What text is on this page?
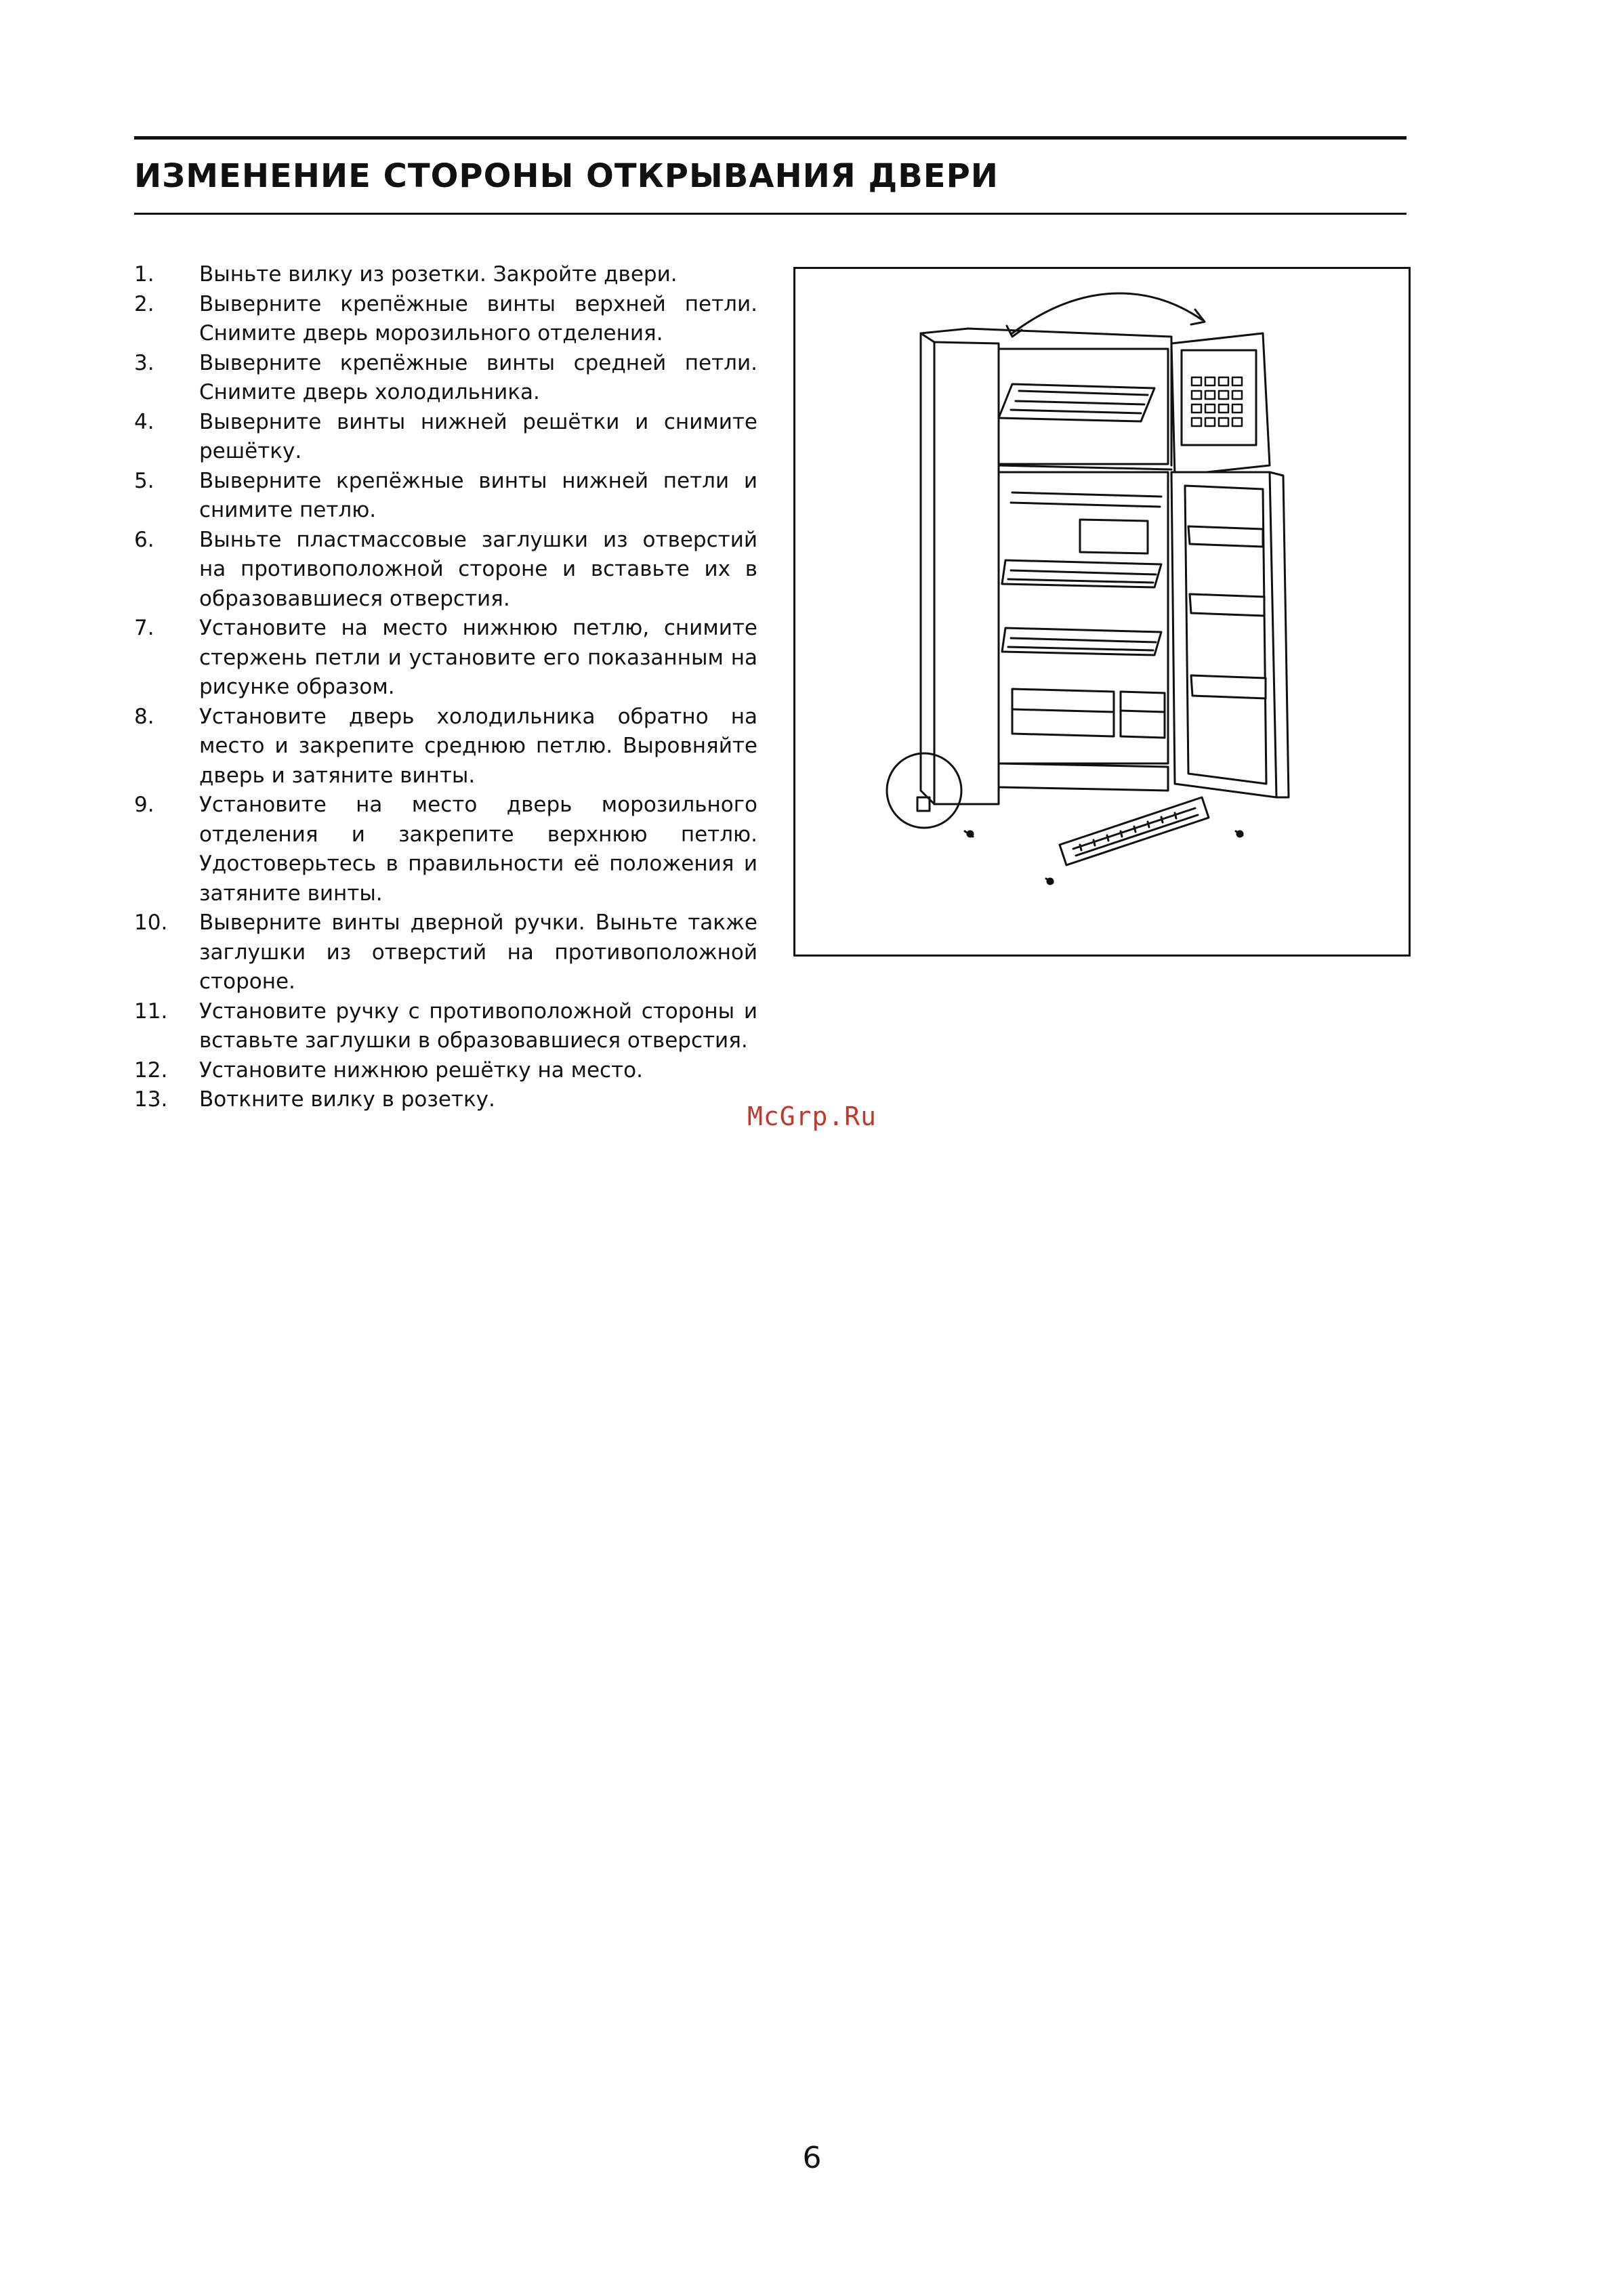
ИЗМЕНЕНИЕ СТОРОНЫ ОТКРЫВАНИЯ ДВЕРИ
1.	Выньте вилку из розетки. Закройте двери.
2.	Выверните крепёжные винты верхней петли. Снимите дверь морозильного отделения.
3.	Выверните крепёжные винты средней петли. Снимите дверь холодильника.
4.	Выверните винты нижней решётки и снимите решётку.
5.	Выверните крепёжные винты нижней петли и снимите петлю.
6.	Выньте пластмассовые заглушки из отверстий на противоположной стороне и вставьте их в образовавшиеся отверстия.
7.	Установите на место нижнюю петлю, снимите стержень петли и установите его показанным на рисунке образом.
8.	Установите дверь холодильника обратно на место и закрепите среднюю петлю. Выровняйте дверь и затяните винты.
9.	Установите на место дверь морозильного отделения и закрепите верхнюю петлю. Удостоверьтесь в правильности её положения и затяните винты.
10.	Выверните винты дверной ручки. Выньте также заглушки из отверстий на противоположной стороне.
11.	Установите ручку с противоположной стороны и вставьте заглушки в образовавшиеся отверстия.
12.	Установите нижнюю решётку на место.
13.	Воткните вилку в розетку.
McGrp.Ru
6
